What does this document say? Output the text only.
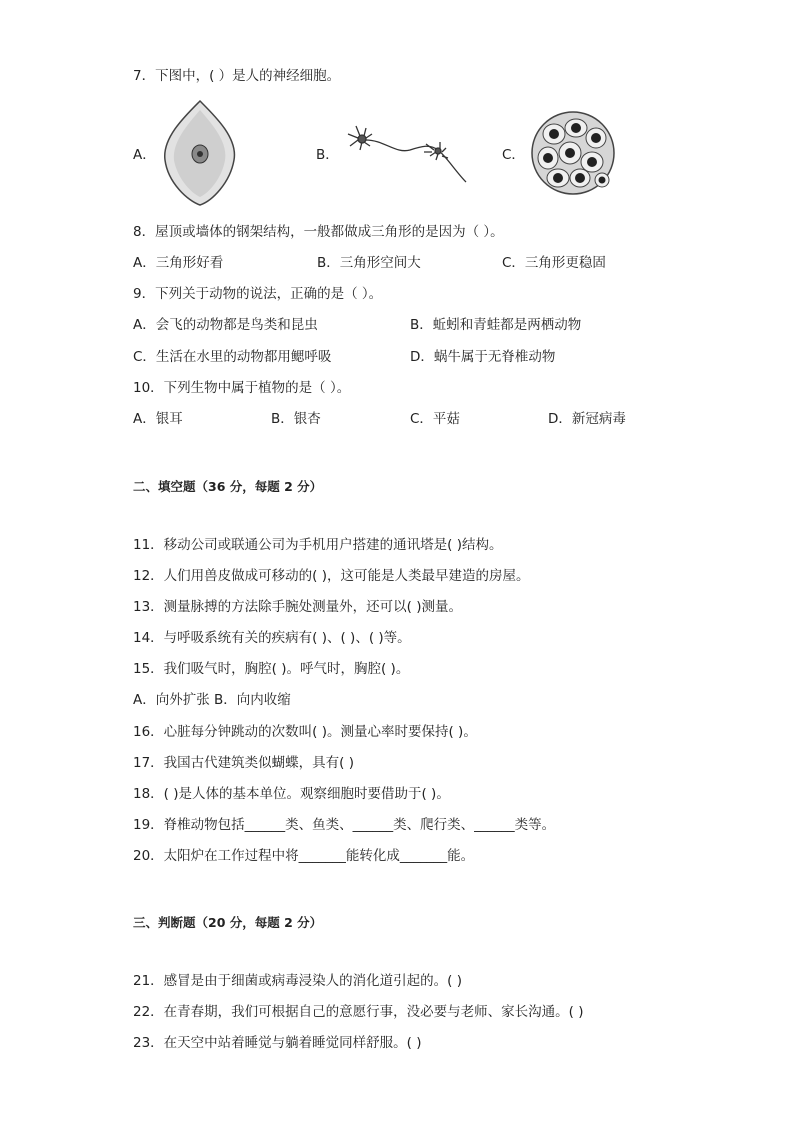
7．下图中，( ）是人的神经细胞。
A．	B．	C．
8．屋顶或墙体的钢架结构，一般都做成三角形的是因为（ ）。
A．三角形好看	B．三角形空间大	C．三角形更稳固
9．下列关于动物的说法，正确的是（ ）。
A．会飞的动物都是鸟类和昆虫	B．蚯蚓和青蛙都是两栖动物
C．生活在水里的动物都用鳃呼吸	D．蜗牛属于无脊椎动物
10．下列生物中属于植物的是（ ）。
A．银耳	B．银杏	C．平菇	D．新冠病毒
二、填空题（36 分，每题 2 分）
11．移动公司或联通公司为手机用户搭建的通讯塔是( )结构。
12．人们用兽皮做成可移动的( )，这可能是人类最早建造的房屋。
13．测量脉搏的方法除手腕处测量外，还可以( )测量。
14．与呼吸系统有关的疾病有( )、( )、( )等。
15．我们吸气时，胸腔( )。呼气时，胸腔( )。
A．向外扩张 B．向内收缩
16．心脏每分钟跳动的次数叫( )。测量心率时要保持( )。
17．我国古代建筑类似蝴蝶，具有( )
18．( )是人体的基本单位。观察细胞时要借助于( )。
19．脊椎动物包括______类、鱼类、______类、爬行类、______类等。
20．太阳炉在工作过程中将_______能转化成_______能。
三、判断题（20 分，每题 2 分）
21．感冒是由于细菌或病毒浸染人的消化道引起的。( )
22．在青春期，我们可根据自己的意愿行事，没必要与老师、家长沟通。( )
23．在天空中站着睡觉与躺着睡觉同样舒服。( )
